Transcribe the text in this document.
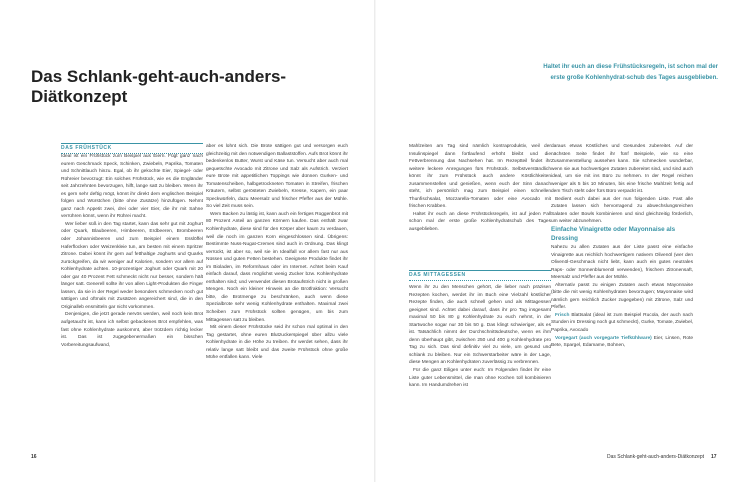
Das Schlank-geht-auch-anders-Diätkonzept
Haltet ihr euch an diese Frühstücksregeln, ist schon mal der erste große Kohlenhydrat-schub des Tages ausgeblieben.
DAS FRÜHSTÜCK

Ideal ist ein Frühstück zum Beispiel aus Eiern. Fügt ganz nach eurem Geschmack Speck, Schinken, Zwiebeln, Paprika, Tomaten und Schnittlauch hinzu. Egal, ob ihr gekochte Eier, Spiegel- oder Rühreier bevorzugt: Ein solches Frühstück, wie es die Engländer seit Jahrzehnten bevorzugen, hilft, lange satt zu bleiben. Wenn ihr es gern sehr deftig mögt, könnt ihr direkt dem englischen Beispiel folgen und Würstchen (bitte ohne Zusätze) hinzufügen. Nehmt ganz nach Appetit zwei, drei oder vier Eier, die ihr mit Sahne verrühren könnt, wenn ihr Rührei macht.

Wer lieber süß in den Tag startet, kann das sehr gut mit Joghurt oder Quark, Blaubeeren, Himbeeren, Erdbeeren, Brombeeren oder Johannisbeeren und zum Beispiel einem Esslöffel Haferflocken oder Weizenkleie tun, am besten mit einem Spritzer Zitrone. Dabei könnt ihr gern auf fetthaltige Joghurts und Quarks zurückgreifen, da wir weniger auf Kalorien, sondern vor allem auf Kohlenhydrate achten. 10-prozentiger Joghurt oder Quark mit 20 oder gar 40 Prozent Fett schmeckt nicht nur besser, sondern hält länger satt. Generell sollte ihr von allen Light-Produkten die Finger lassen, da sie in der Regel weder besonders schmecken noch gut sättigen und oftmals mit Zusätzen angereichert sind, die in den Originalleb ensmitteln gar nicht vorkommen.

Denjenigen, die jetzt gerade nervös werden, weil noch kein Brot aufgetaucht ist, kann ich selbst gebackenes Brot empfehlen, was fast ohne Kohlenhydrate auskommt, aber trotzdem richtig lecker ist. Das ist zugegebenermaßen ein bisschen Vorbereitungsaufwand,

aber es lohnt sich. Die Brote sättigen gut und versorgen euch gleichzeitig mit den notwendigen Ballaststoffen. Aufs Brot könnt ihr bedenkenlos Butter, Wurst und Käse tun. Versucht aber auch mal gequetschte Avocado mit Zitrone und Salz als Aufstrich. Verziert eure Brote mit appetitlichen Toppings wie dünnen Gurken- und Tomatenscheiben, halbgetrockneten Tomaten in Streifen, frischen Kräutern, selbst gerösteten Zwiebeln, Kresse, Kapern, ein paar Speckwürfeln, dazu Meersalz und frischer Pfeffer aus der Mühle. So viel Zeit muss sein.

Wem Backen zu lästig ist, kann auch ein fertiges Roggenbrot mit 80 Prozent Anteil an ganzen Körnern kaufen. Das enthält zwar Kohlenhydrate, diese sind für den Körper aber kaum zu verdauen, weil die noch im ganzen Korn eingeschlossen sind. Übrigens: Bestimmte Nuss-Nugat-Cremes sind auch in Ordnung. Das klingt verrückt, ist aber so, weil sie im Idealfall vor allem fast nur aus Nüssen und guten Fetten bestehen. Geeignete Produkte findet ihr im Bioladen, im Reformhaus oder im Internet. Achtet beim Kauf einfach darauf, dass möglichst wenig Zucker bzw. Kohlenhydrate enthalten sind; und verwendet diesen Brotaufstrich nicht in großen Mengen. Noch ein kleiner Hinweis an die Brotfraktion: Versucht bitte, die Brotmenge zu beschränken, auch wenn diese Spezialbrote sehr wenig Kohlenhydrate enthalten. Maximal zwei Scheiben zum Frühstück sollten genügen, um bis zum Mittagessen satt zu bleiben.

Mit einem dieser Frühstücke seid ihr schon mal optimal in den Tag gestartet, ohne euren Blutzuckerspiegel über allzu viele Kohlenhydrate in die Höhe zu treiben. Ihr werdet sehen, dass ihr relativ lange satt bleibt und das zweite Frühstück ohne große Mühe entfallen kann. Viele

Mahlzeiten am Tag sind nämlich kontraproduktiv, weil der Insulinspiegel dann fortlaufend erhöht bleibt und die Fettverbrennung das Nachsehen hat. Im Rezeptteil findet ihr weitere leckere Anregungen fürs Frühstück. Selbstverständlich könnt ihr zum Frühstück auch andere Köstlichkeiten zusammenstellen und genießen, wenn euch der Sinn danach steht, ich persönlich mag zum Beispiel einen schnellen Thunfischsalat, Mozzarella-Tomaten oder eine Avocado mit frischen Krabben.

Haltet ihr euch an diese Frühstücksregeln, ist auf jeden Fall schon mal der erste große Kohlenhydratschub des Tages ausgeblieben.

DAS MITTAGESSEN

Wenn ihr zu den Menschen gehört, die lieber nach präzisen Rezepten kochen, werdet ihr im Buch eine Vielzahl köstlicher Rezepte finden, die auch schnell gehen und als Mittagessen geeignet sind. Achtet dabei darauf, dass ihr pro Tag insgesamt maximal 50 bis 80 g Kohlenhydrate zu euch nehmt, in der Startwoche sogar nur 30 bis 50 g. Das klingt schwieriger, als es ist. Tatsächlich nimmt der Durchschnittsdeutsche, wenn es ihm denn überhaupt gibt, zwischen 250 und 400 g Kohlenhydrate pro Tag zu sich. Das sind definitiv viel zu viele, um gesund und schlank zu bleiben. Nur ein Schwerstarbeiter wäre in der Lage, diese Mengen an Kohlenhydraten zuverlässig zu verbrennen.

Für die ganz Eiligen unter euch: Im Folgenden findet ihr eine Liste guter Lebensmittel, die man ohne Kochen toll kombinieren kann. Im Handumdrehen ist

daraus etwas Köstliches und Gesundes zubereitet. Auf der nächsten Seite findet ihr fünf Beispiele, wie so eine Zusammenstellung aussehen kann. Sie schmecken wunderbar, wenn sie aus hochwertigen Zutaten zubereitet sind, und sind auch ideal, um sie mit ins Büro zu nehmen. In der Regel reichen weniger als 5 bis 10 Minuten, bis eine frische Mahlzeit fertig auf dem Tisch steht oder fürs Büro verpackt ist.

Bedient euch dabei aus der nun folgenden Liste. Fast alle Zutaten lassen sich hervorragend zu abwechslungsreichen Salaten oder Bowls kombinieren und sind gleichzeitig förderlich, um weiter abzunehmen.

Einfache Vinaigrette oder Mayonnaise als Dressing

Nahezu zu allen Zutaten aus der Liste passt eine einfache Vinaigrette aus reichlich hochwertigem nativem Olivenöl (wer den Olivenöl-Geschmack nicht liebt, kann auch ein gutes neutrales Raps- oder Sonnenblumenöl verwenden), frischem Zitronensaft, Meersalz und Pfeffer aus der Mühle.

Alternativ passt zu einigen Zutaten auch etwas Mayonnaise (bitte die mit wenig Kohlenhydraten bevorzugen; Mayonnaise wird nämlich gern reichlich Zucker zugegeben) mit Zitrone, Salz und Pfeffer.

Frisch Blattsalat (ideal ist zum Beispiel Rucola, der auch nach Stunden im Dressing noch gut schmeckt), Gurke, Tomate, Zwiebel, Paprika, Avocado

Vorgegart (auch vorgegarte Tiefkühlware) Eier, Linsen, Rote Bete, Spargel, Edamame, Bohnen,

16	Das Schlank-geht-auch-anders-Diätkonzept 17
